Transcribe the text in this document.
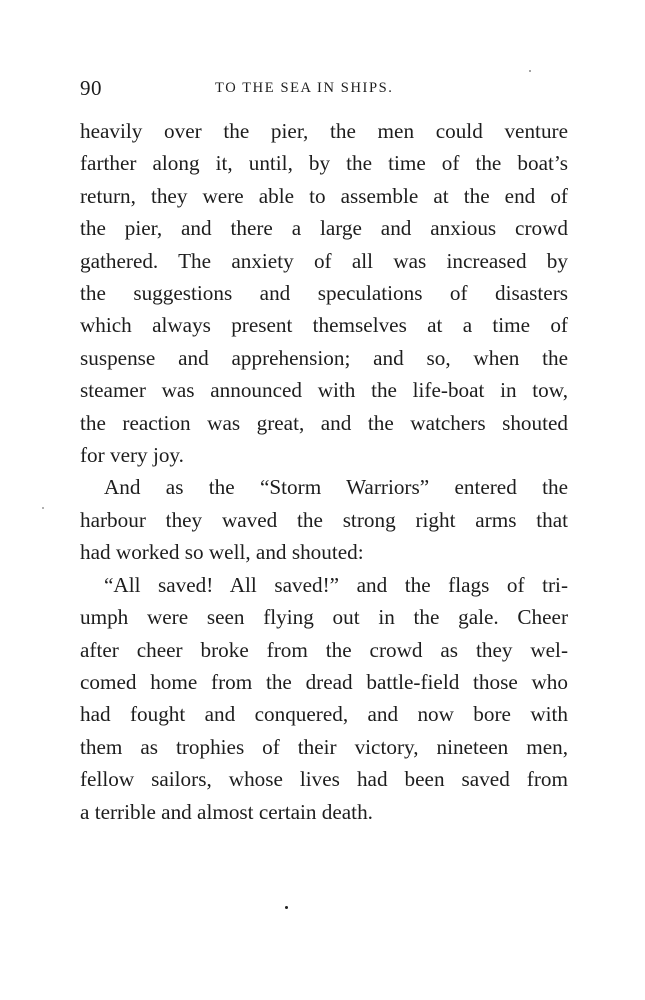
90	TO THE SEA IN SHIPS.

heavily over the pier, the men could venture
farther along it, until, by the time of the boat’s
return, they were able to assemble at the end of
the pier, and there a large and anxious crowd
gathered. The anxiety of all was increased by
the suggestions and speculations of disasters
which always present themselves at a time of
suspense and apprehension; and so, when the
steamer was announced with the life-boat in tow,
the reaction was great, and the watchers shouted
for very joy.

And as the “Storm Warriors” entered the
harbour they waved the strong right arms that
had worked so well, and shouted:

“All saved! All saved!” and the flags of tri-
umph were seen flying out in the gale. Cheer
after cheer broke from the crowd as they wel-
comed home from the dread battle-field those who
had fought and conquered, and now bore with
them as trophies of their victory, nineteen men,
fellow sailors, whose lives had been saved from
a terrible and almost certain death.
